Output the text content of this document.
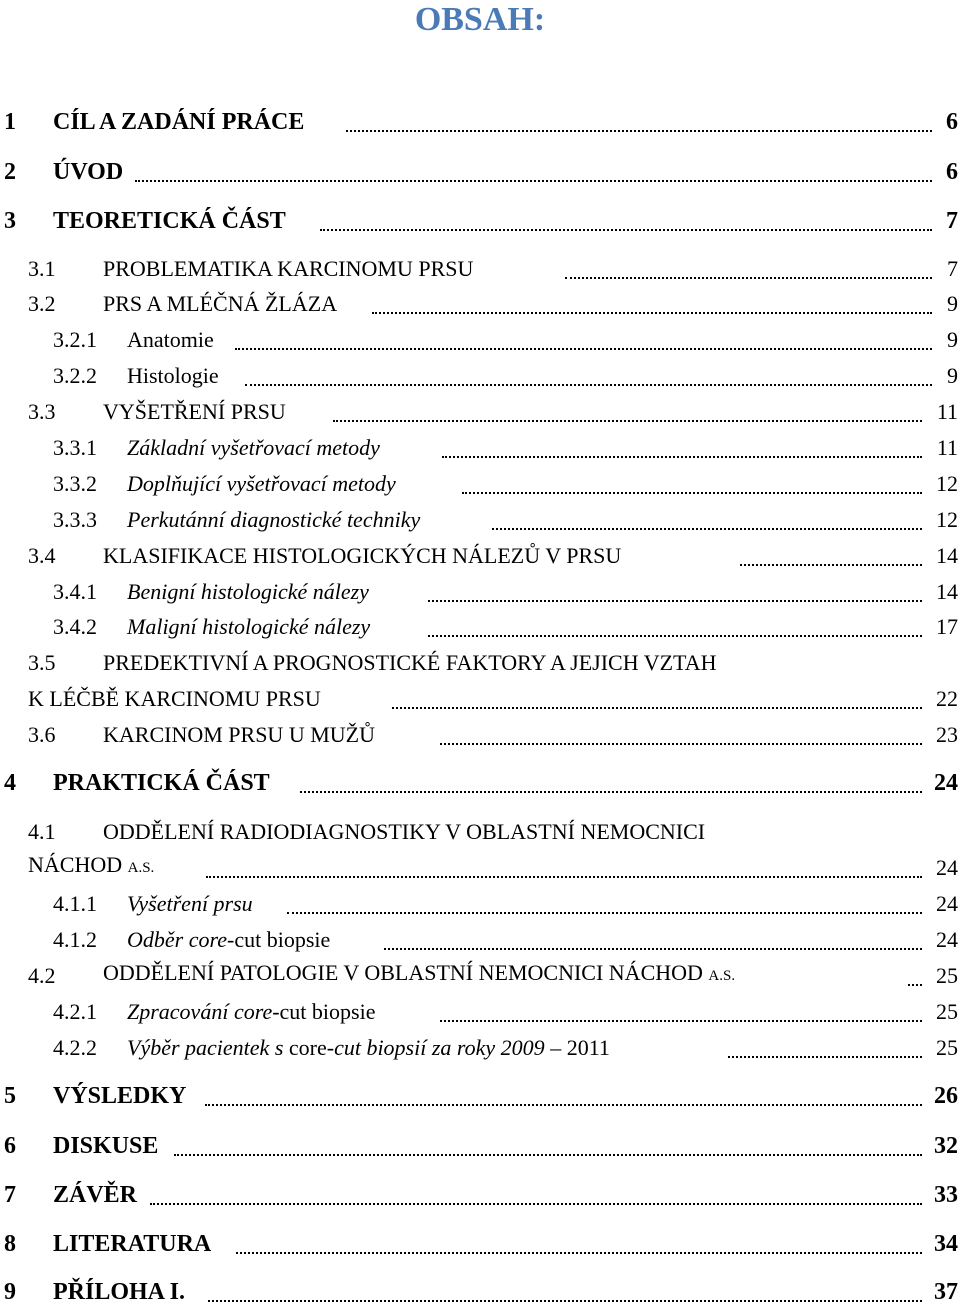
OBSAH:
1 CÍL A ZADÁNÍ PRÁCE	6
2 ÚVOD	6
3 TEORETICKÁ ČÁST	7
3.1 PROBLEMATIKA KARCINOMU PRSU	7
3.2 PRS A MLÉČNÁ ŽLÁZA	9
3.2.1 Anatomie	9
3.2.2 Histologie	9
3.3 VYŠETŘENÍ PRSU	11
3.3.1 Základní vyšetřovací metody	11
3.3.2 Doplňující vyšetřovací metody	12
3.3.3 Perkutánní diagnostické techniky	12
3.4 KLASIFIKACE HISTOLOGICKÝCH NÁLEZŮ V PRSU	14
3.4.1 Benigní histologické nálezy	14
3.4.2 Maligní histologické nálezy	17
3.5 PREDEKTIVNÍ A PROGNOSTICKÉ FAKTORY A JEJICH VZTAH
K LÉČBĚ KARCINOMU PRSU	22
3.6 KARCINOM PRSU U MUŽŮ	23
4 PRAKTICKÁ ČÁST	24
4.1 ODDĚLENÍ RADIODIAGNOSTIKY V OBLASTNÍ NEMOCNICI
NÁCHOD A.S.	24
4.1.1 Vyšetření prsu	24
4.1.2 Odběr core-cut biopsie	24
4.2 ODDĚLENÍ PATOLOGIE V OBLASTNÍ NEMOCNICI NÁCHOD A.S.	25
4.2.1 Zpracování core-cut biopsie	25
4.2.2 Výběr pacientek s core-cut biopsií za roky 2009 – 2011	25
5 VÝSLEDKY	26
6 DISKUSE	32
7 ZÁVĚR	33
8 LITERATURA	34
9 PŘÍLOHA I.	37
